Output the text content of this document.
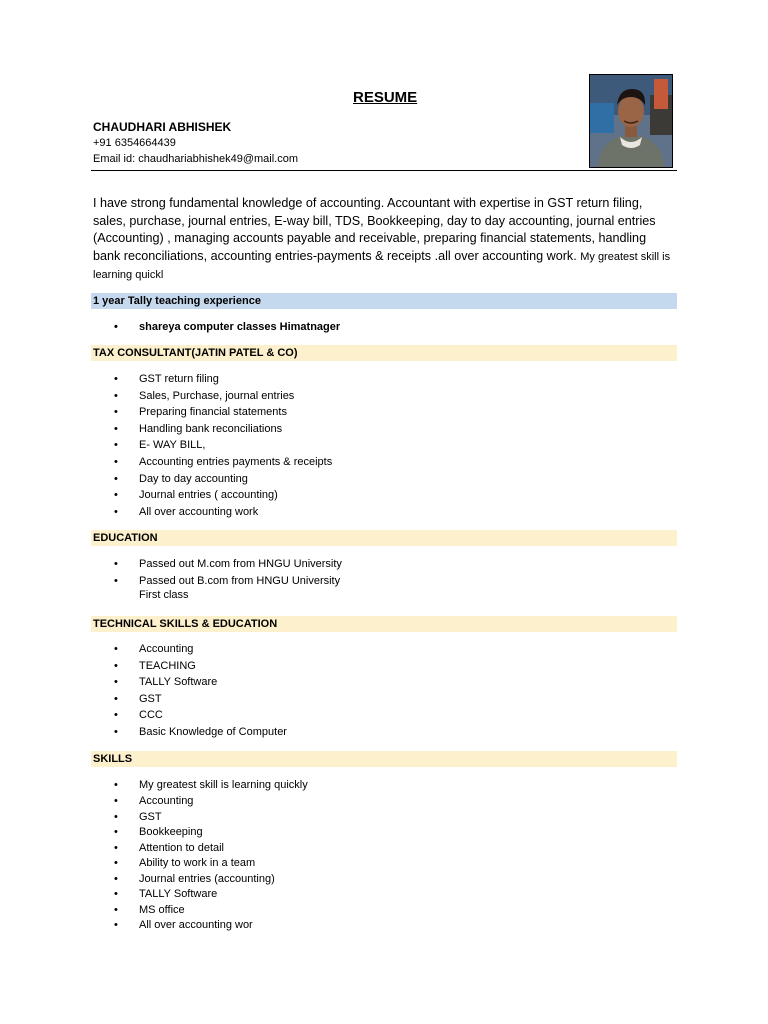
RESUME
CHAUDHARI ABHISHEK
+91 6354664439
Email id: chaudhariabhishek49@mail.com
I have strong fundamental knowledge of accounting. Accountant with expertise in GST return filing, sales, purchase, journal entries, E-way bill, TDS, Bookkeeping, day to day accounting, journal entries (Accounting) , managing accounts payable and receivable, preparing financial statements, handling bank reconciliations, accounting entries-payments & receipts .all over accounting work. My greatest skill is learning quickl
1 year Tally teaching experience
• shareya computer classes Himatnager
TAX CONSULTANT(JATIN PATEL & CO)
• GST return filing
• Sales, Purchase, journal entries
• Preparing financial statements
• Handling bank reconciliations
• E- WAY BILL,
• Accounting entries payments & receipts
• Day to day accounting
• Journal entries ( accounting)
• All over accounting work
EDUCATION
• Passed out M.com from HNGU University
• Passed out B.com from HNGU University
First class
TECHNICAL SKILLS & EDUCATION
• Accounting
• TEACHING
• TALLY Software
• GST
• CCC
• Basic Knowledge of Computer
SKILLS
• My greatest skill is learning quickly
• Accounting
• GST
• Bookkeeping
• Attention to detail
• Ability to work in a team
• Journal entries (accounting)
• TALLY Software
• MS office
• All over accounting wor
